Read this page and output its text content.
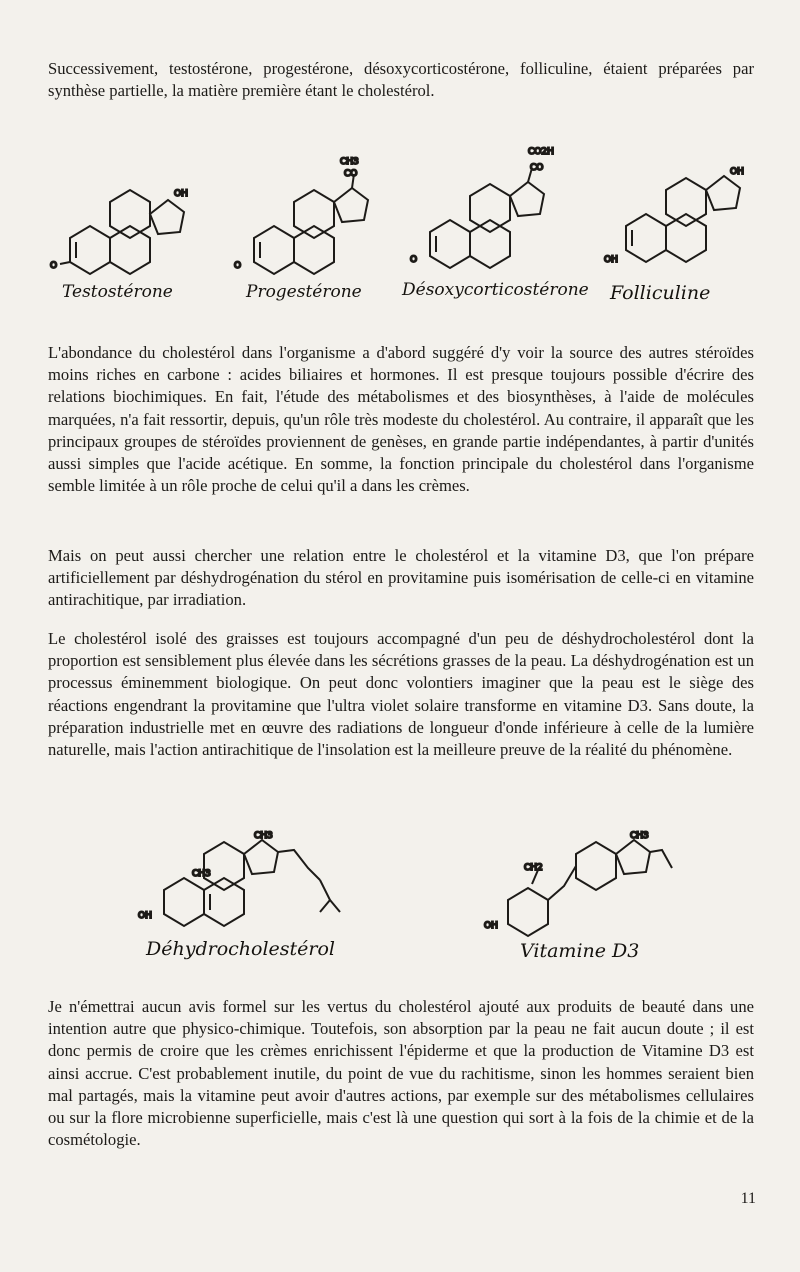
Successivement, testostérone, progestérone, désoxycorticostérone, folliculine, étaient préparées par synthèse partielle, la matière première étant le cholestérol.

OH
O
Testostérone
CH3
CO
O
Progestérone
CO2H
CO
O
Désoxycorticostérone
OH
OH
Folliculine

L'abondance du cholestérol dans l'organisme a d'abord suggéré d'y voir la source des autres stéroïdes moins riches en carbone : acides biliaires et hormones. Il est presque toujours possible d'écrire des relations biochimiques. En fait, l'étude des métabolismes et des biosynthèses, à l'aide de molécules marquées, n'a fait ressortir, depuis, qu'un rôle très modeste du cholestérol. Au contraire, il apparaît que les principaux groupes de stéroïdes proviennent de genèses, en grande partie indépendantes, à partir d'unités aussi simples que l'acide acétique. En somme, la fonction principale du cholestérol dans l'organisme semble limitée à un rôle proche de celui qu'il a dans les crèmes.

Mais on peut aussi chercher une relation entre le cholestérol et la vitamine D3, que l'on prépare artificiellement par déshydrogénation du stérol en provitamine puis isomérisation de celle-ci en vitamine antirachitique, par irradiation.

Le cholestérol isolé des graisses est toujours accompagné d'un peu de déshydrocholestérol dont la proportion est sensiblement plus élevée dans les sécrétions grasses de la peau. La déshydrogénation est un processus éminemment biologique. On peut donc volontiers imaginer que la peau est le siège des réactions engendrant la provitamine que l'ultra violet solaire transforme en vitamine D3. Sans doute, la préparation industrielle met en œuvre des radiations de longueur d'onde inférieure à celle de la lumière naturelle, mais l'action antirachitique de l'insolation est la meilleure preuve de la réalité du phénomène.

CH3
CH3
OH
Déhydrocholestérol
CH3
CH2
OH
Vitamine D3

Je n'émettrai aucun avis formel sur les vertus du cholestérol ajouté aux produits de beauté dans une intention autre que physico-chimique. Toutefois, son absorption par la peau ne fait aucun doute ; il est donc permis de croire que les crèmes enrichissent l'épiderme et que la production de Vitamine D3 est ainsi accrue. C'est probablement inutile, du point de vue du rachitisme, sinon les hommes seraient bien mal partagés, mais la vitamine peut avoir d'autres actions, par exemple sur des métabolismes cellulaires ou sur la flore microbienne superficielle, mais c'est là une question qui sort à la fois de la chimie et de la cosmétologie.

11
